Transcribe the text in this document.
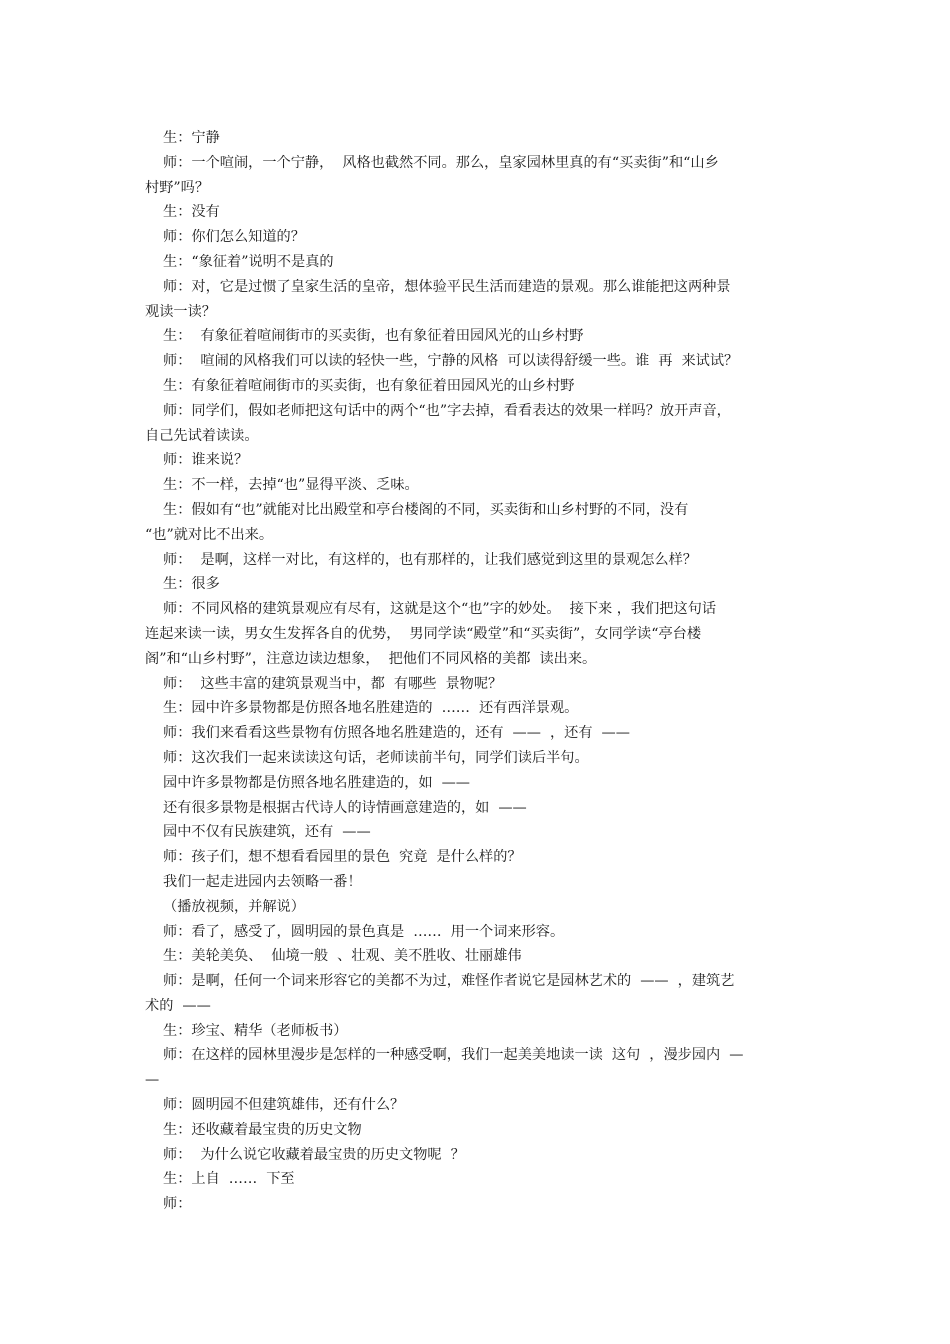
生：宁静
师：一个喧闹，一个宁静，  风格也截然不同。那么，皇家园林里真的有“买卖街”和“山乡
村野”吗？
生：没有
师：你们怎么知道的？
生：“象征着”说明不是真的
师：对，它是过惯了皇家生活的皇帝，想体验平民生活而建造的景观。那么谁能把这两种景
观读一读？
生：  有象征着喧闹街市的买卖街，也有象征着田园风光的山乡村野
师：  喧闹的风格我们可以读的轻快一些，宁静的风格  可以读得舒缓一些。谁  再  来试试？
生：有象征着喧闹街市的买卖街，也有象征着田园风光的山乡村野
师：同学们，假如老师把这句话中的两个“也”字去掉，看看表达的效果一样吗？放开声音，
自己先试着读读。
师：谁来说？
生：不一样，去掉“也”显得平淡、乏味。
生：假如有“也”就能对比出殿堂和亭台楼阁的不同，买卖街和山乡村野的不同，没有
“也”就对比不出来。
师：  是啊，这样一对比，有这样的，也有那样的，让我们感觉到这里的景观怎么样？
生：很多
师：不同风格的建筑景观应有尽有，这就是这个“也”字的妙处。  接下来 ，我们把这句话
连起来读一读，男女生发挥各自的优势，  男同学读“殿堂”和“买卖街”，女同学读“亭台楼
阁”和“山乡村野”，注意边读边想象，  把他们不同风格的美都  读出来。
师：  这些丰富的建筑景观当中，都  有哪些  景物呢？
生：园中许多景物都是仿照各地名胜建造的  ……  还有西洋景观。
师：我们来看看这些景物有仿照各地名胜建造的，还有  ——  ，还有  ——
师：这次我们一起来读读这句话，老师读前半句，同学们读后半句。
园中许多景物都是仿照各地名胜建造的，如  ——
还有很多景物是根据古代诗人的诗情画意建造的，如  ——
园中不仅有民族建筑，还有  ——
师：孩子们，想不想看看园里的景色  究竟  是什么样的？
我们一起走进园内去领略一番！
（播放视频，并解说）
师：看了，感受了，圆明园的景色真是  ……  用一个词来形容。
生：美轮美奂、  仙境一般  、壮观、美不胜收、壮丽雄伟
师：是啊，任何一个词来形容它的美都不为过，难怪作者说它是园林艺术的  ——  ，建筑艺
术的  ——
生：珍宝、精华（老师板书）
师：在这样的园林里漫步是怎样的一种感受啊，我们一起美美地读一读  这句  ，漫步园内  —
—
师：圆明园不但建筑雄伟，还有什么？
生：还收藏着最宝贵的历史文物
师：  为什么说它收藏着最宝贵的历史文物呢  ？
生：上自  ……  下至
师：
